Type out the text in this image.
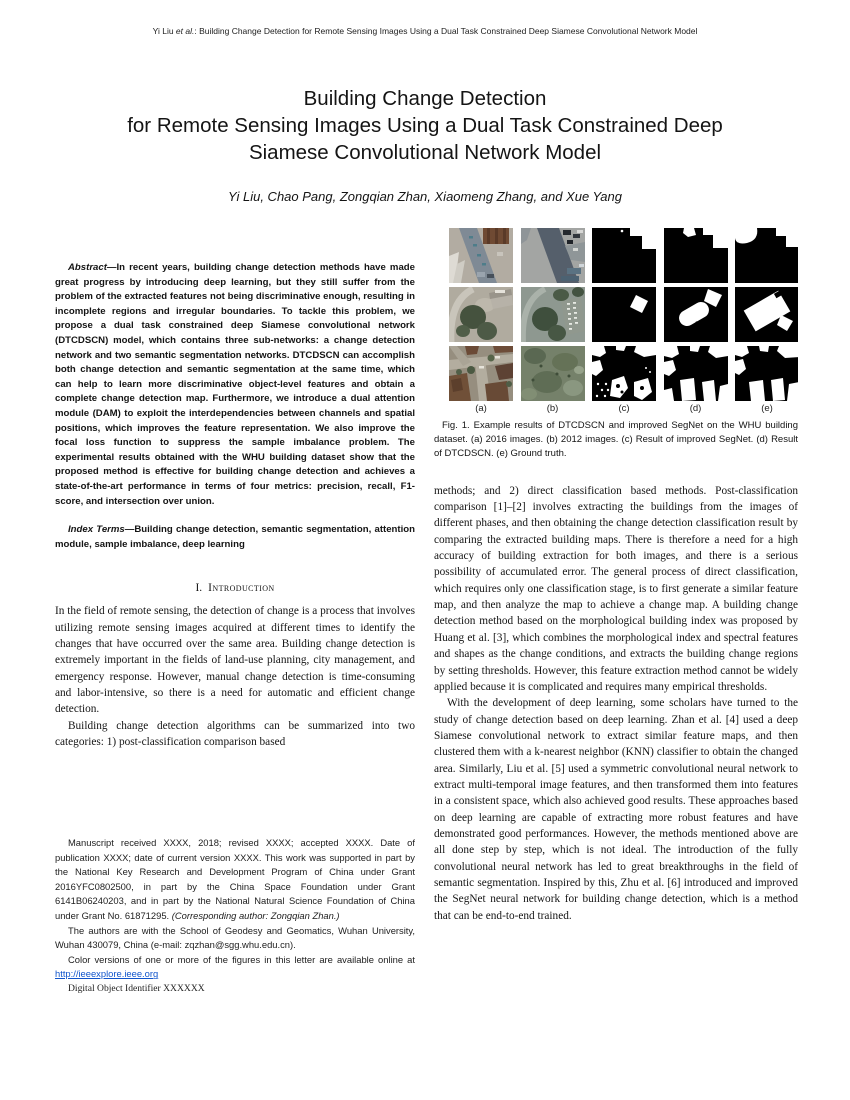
Yi Liu et al.: Building Change Detection for Remote Sensing Images Using a Dual Task Constrained Deep Siamese Convolutional Network Model
Building Change Detection
for Remote Sensing Images Using a Dual Task Constrained Deep
Siamese Convolutional Network Model
Yi Liu, Chao Pang, Zongqian Zhan, Xiaomeng Zhang, and Xue Yang

Abstract—In recent years, building change detection methods have made great progress by introducing deep learning, but they still suffer from the problem of the extracted features not being discriminative enough, resulting in incomplete regions and irregular boundaries. To tackle this problem, we propose a dual task constrained deep Siamese convolutional network (DTCDSCN) model, which contains three sub-networks: a change detection network and two semantic segmentation networks. DTCDSCN can accomplish both change detection and semantic segmentation at the same time, which can help to learn more discriminative object-level features and obtain a complete change detection map. Furthermore, we introduce a dual attention module (DAM) to exploit the interdependencies between channels and spatial positions, which improves the feature representation. We also improve the focal loss function to suppress the sample imbalance problem. The experimental results obtained with the WHU building dataset show that the proposed method is effective for building change detection and achieves a state-of-the-art performance in terms of four metrics: precision, recall, F1-score, and intersection over union.

Index Terms—Building change detection, semantic segmentation, attention module, sample imbalance, deep learning

I. Introduction

In the field of remote sensing, the detection of change is a process that involves utilizing remote sensing images acquired at different times to identify the changes that have occurred over the same area. Building change detection is extremely important in the fields of land-use planning, city management, and emergency response. However, manual change detection is time-consuming and labor-intensive, so there is a need for automatic and efficient change detection.

Building change detection algorithms can be summarized into two categories: 1) post-classification comparison based

(a)	(b)	(c)	(d)	(e)

Fig. 1. Example results of DTCDSCN and improved SegNet on the WHU building dataset. (a) 2016 images. (b) 2012 images. (c) Result of improved SegNet. (d) Result of DTCDSCN. (e) Ground truth.

methods; and 2) direct classification based methods. Post-classification comparison [1]–[2] involves extracting the buildings from the images of different phases, and then obtaining the change detection classification result by comparing the extracted building maps. There is therefore a need for a high accuracy of building extraction for both images, and there is a serious possibility of accumulated error. The general process of direct classification, which requires only one classification stage, is to first generate a similar feature map, and then analyze the map to achieve a change map. A building change detection method based on the morphological building index was proposed by Huang et al. [3], which combines the morphological index and spectral features and shapes as the change conditions, and extracts the building change regions by setting thresholds. However, this feature extraction method cannot be widely applied because it is complicated and requires many empirical thresholds.

With the development of deep learning, some scholars have turned to the study of change detection based on deep learning. Zhan et al. [4] used a deep Siamese convolutional network to extract similar feature maps, and then clustered them with a k-nearest neighbor (KNN) classifier to obtain the changed area. Similarly, Liu et al. [5] used a symmetric convolutional neural network to extract multi-temporal image features, and then transformed them into features in a consistent space, which also achieved good results. These approaches based on deep learning are capable of extracting more robust features and have demonstrated good performances. However, the methods mentioned above are all done step by step, which is not ideal. The introduction of the fully convolutional neural network has led to great breakthroughs in the field of semantic segmentation. Inspired by this, Zhu et al. [6] introduced and improved the SegNet neural network for building change detection, which is a method that can be end-to-end trained.

Manuscript received XXXX, 2018; revised XXXX; accepted XXXX. Date of publication XXXX; date of current version XXXX. This work was supported in part by the National Key Research and Development Program of China under Grant 2016YFC0802500, in part by the China Space Foundation under Grant 6141B06240203, and in part by the National Natural Science Foundation of China under Grant No. 61871295. (Corresponding author: Zongqian Zhan.)

The authors are with the School of Geodesy and Geomatics, Wuhan University, Wuhan 430079, China (e-mail: zqzhan@sgg.whu.edu.cn).

Color versions of one or more of the figures in this letter are available online at http://ieeexplore.ieee.org

Digital Object Identifier XXXXXX
